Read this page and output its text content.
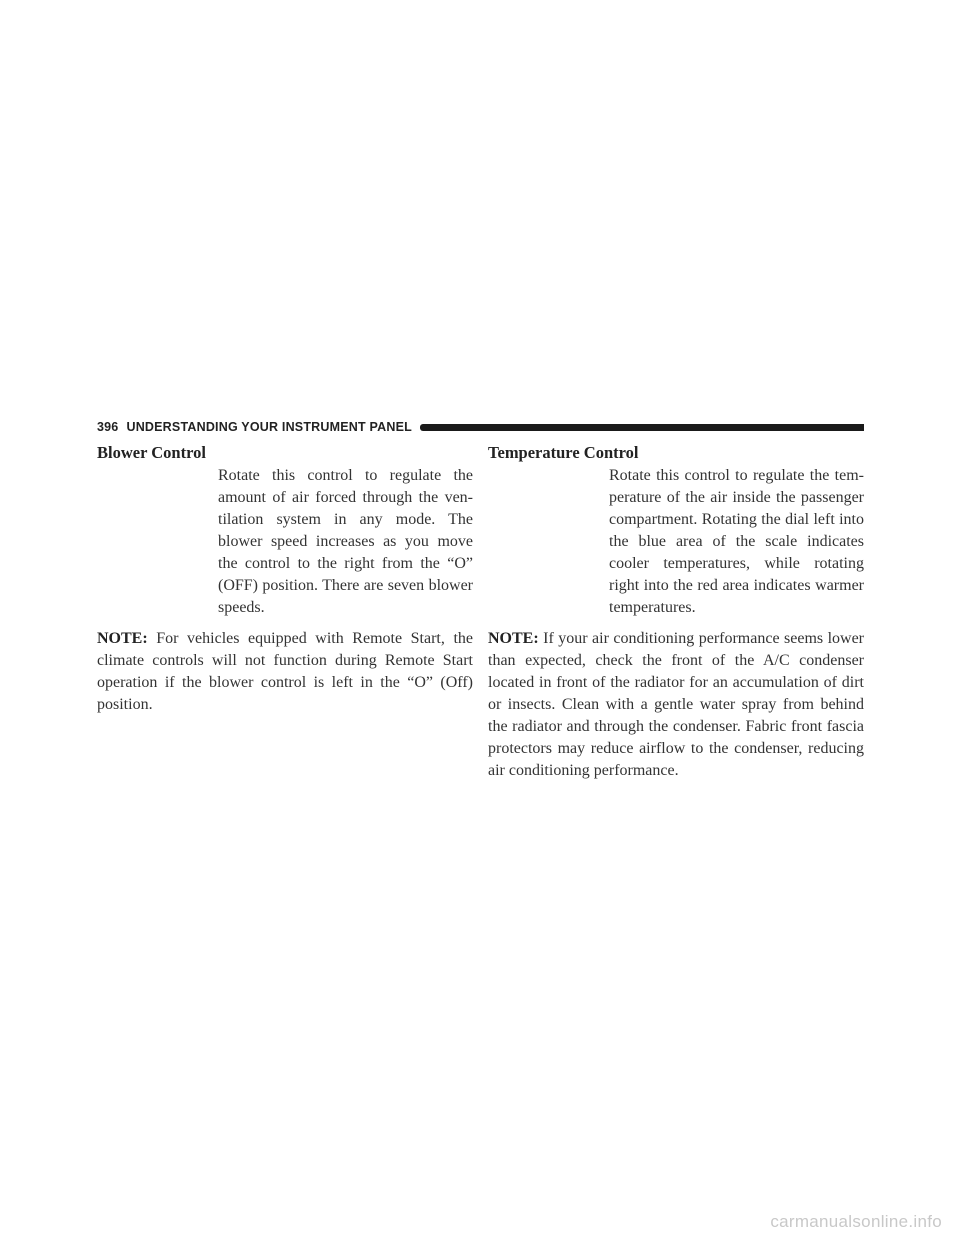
396 UNDERSTANDING YOUR INSTRUMENT PANEL
Blower Control

Rotate this control to regulate the amount of air forced through the ventilation system in any mode. The blower speed increases as you move the control to the right from the “O” (OFF) position. There are seven blower speeds.

NOTE: For vehicles equipped with Remote Start, the climate controls will not function during Remote Start operation if the blower control is left in the “O” (Off) position.

Temperature Control

Rotate this control to regulate the temperature of the air inside the passenger compartment. Rotating the dial left into the blue area of the scale indicates cooler temperatures, while rotating right into the red area indicates warmer temperatures.

NOTE: If your air conditioning performance seems lower than expected, check the front of the A/C condenser located in front of the radiator for an accumulation of dirt or insects. Clean with a gentle water spray from behind the radiator and through the condenser. Fabric front fascia protectors may reduce airflow to the condenser, reducing air conditioning performance.

carmanualsonline.info
